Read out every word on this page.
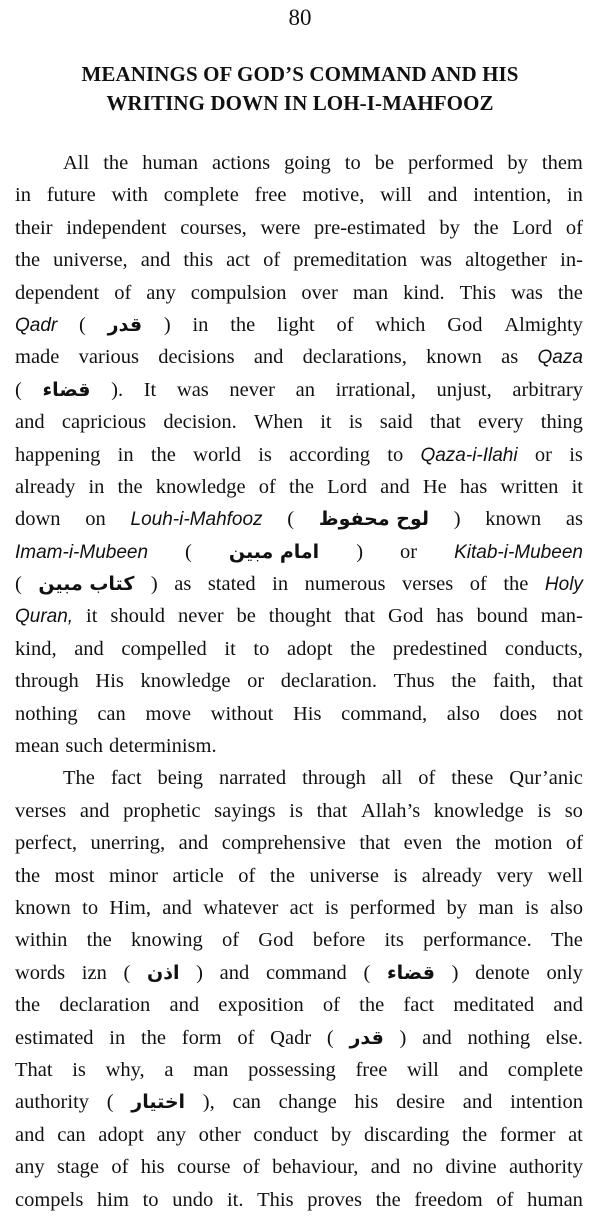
80
MEANINGS OF GOD’S COMMAND AND HIS
WRITING DOWN IN LOH-I-MAHFOOZ
All the human actions going to be performed by them
in future with complete free motive, will and intention, in
their independent courses, were pre-estimated by the Lord of
the universe, and this act of premeditation was altogether in-
dependent of any compulsion over man kind. This was the
Qadr ( قدر ) in the light of which God Almighty
made various decisions and declarations, known as Qaza
( قضاء ). It was never an irrational, unjust, arbitrary
and capricious decision. When it is said that every thing
happening in the world is according to Qaza-i-Ilahi or is
already in the knowledge of the Lord and He has written it
down on Louh-i-Mahfooz ( لوح محفوظ ) known as
Imam-i-Mubeen ( امام مبین ) or Kitab-i-Mubeen
( كتاب مبین ) as stated in numerous verses of the Holy
Quran, it should never be thought that God has bound man-
kind, and compelled it to adopt the predestined conducts,
through His knowledge or declaration. Thus the faith, that
nothing can move without His command, also does not
mean such determinism.
The fact being narrated through all of these Qur’anic
verses and prophetic sayings is that Allah’s knowledge is so
perfect, unerring, and comprehensive that even the motion of
the most minor article of the universe is already very well
known to Him, and whatever act is performed by man is also
within the knowing of God before its performance. The
words izn ( اذن ) and command ( قضاء ) denote only
the declaration and exposition of the fact meditated and
estimated in the form of Qadr ( قدر ) and nothing else.
That is why, a man possessing free will and complete
authority ( اختيار ), can change his desire and intention
and can adopt any other conduct by discarding the former at
any stage of his course of behaviour, and no divine authority
compels him to undo it. This proves the freedom of human
